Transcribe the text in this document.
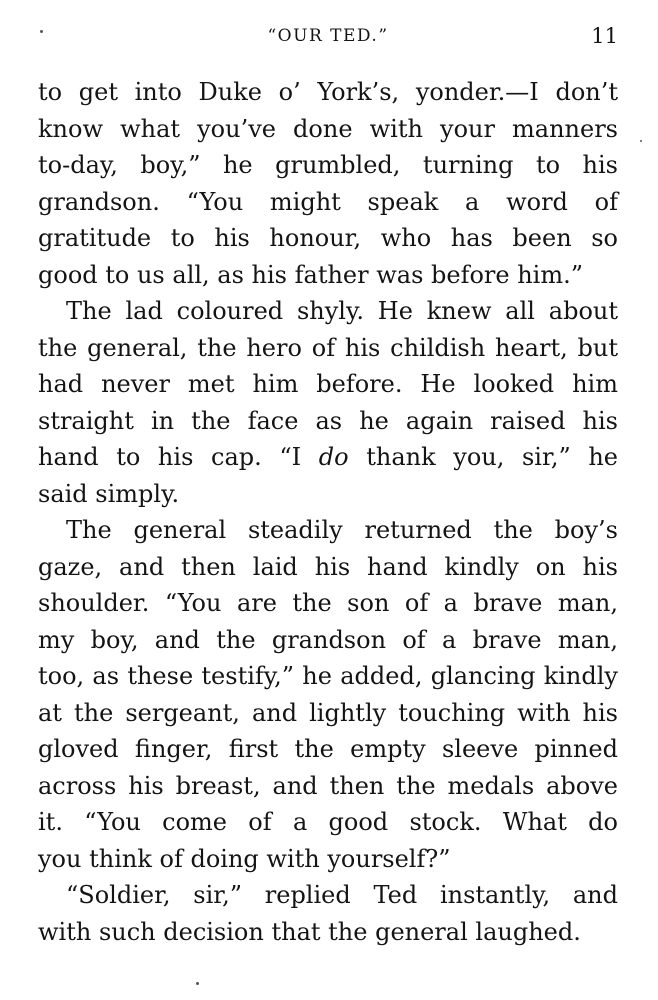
“OUR TED.”	11
to get into Duke o’ York’s, yonder.—I don’t
know what you’ve done with your manners
to-day, boy,” he grumbled, turning to his
grandson. “You might speak a word of
gratitude to his honour, who has been so
good to us all, as his father was before him.”
The lad coloured shyly. He knew all about
the general, the hero of his childish heart, but
had never met him before. He looked him
straight in the face as he again raised his
hand to his cap. “I do thank you, sir,” he
said simply.
The general steadily returned the boy’s
gaze, and then laid his hand kindly on his
shoulder. “You are the son of a brave man,
my boy, and the grandson of a brave man,
too, as these testify,” he added, glancing kindly
at the sergeant, and lightly touching with his
gloved finger, first the empty sleeve pinned
across his breast, and then the medals above
it. “You come of a good stock. What do
you think of doing with yourself?”
“Soldier, sir,” replied Ted instantly, and
with such decision that the general laughed.
